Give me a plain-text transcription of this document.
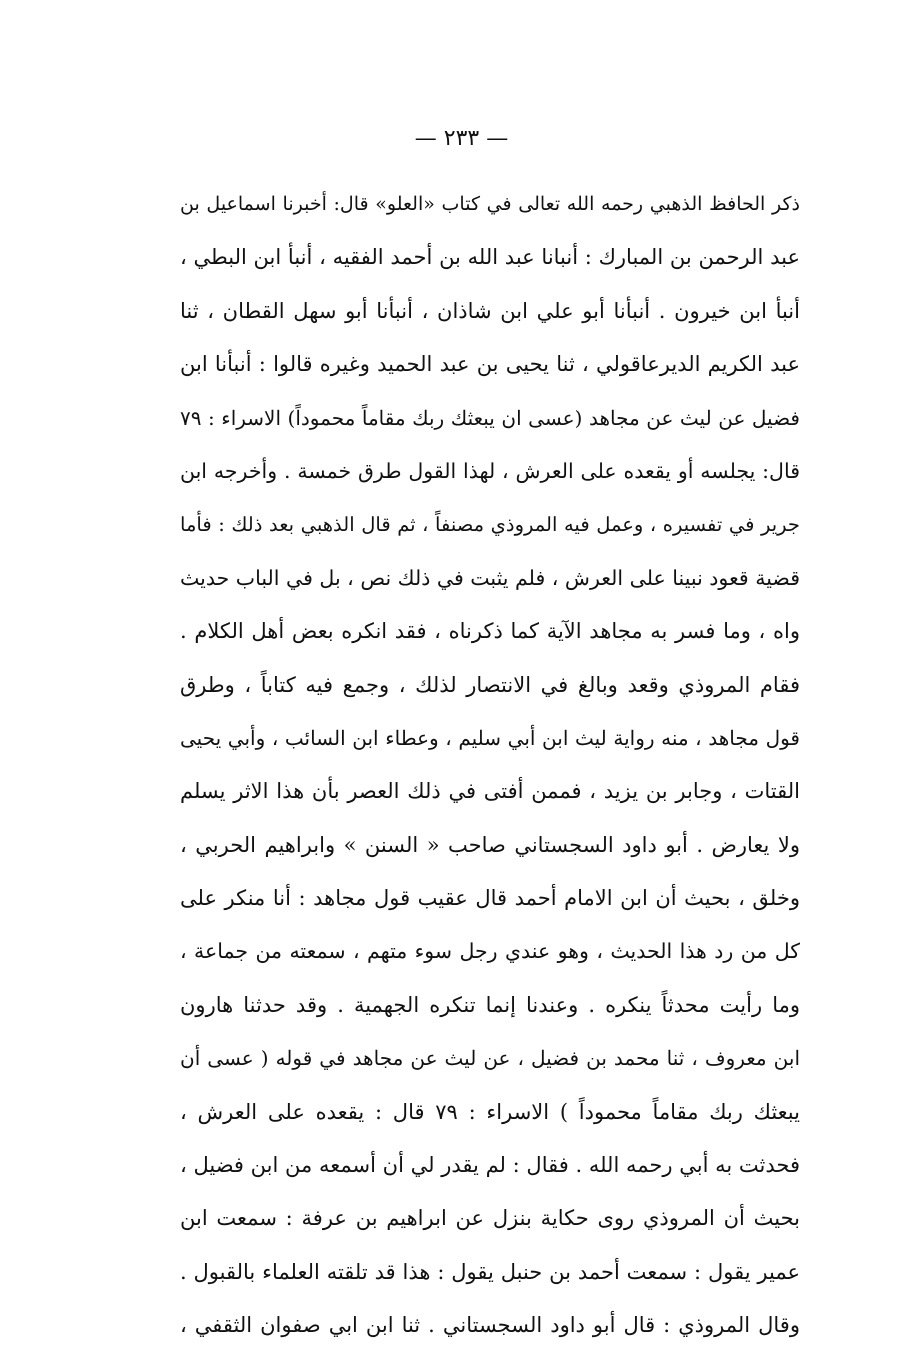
— ٢٣٣ —
ذكر الحافظ الذهبي رحمه الله تعالى في كتاب «العلو» قال: أخبرنا اسماعيل بن
عبد الرحمن بن المبارك : أنبانا عبد الله بن أحمد الفقيه ، أنبأ ابن البطي ،
أنبأ ابن خيرون . أنبأنا أبو علي ابن شاذان ، أنبأنا أبو سهل القطان ، ثنا
عبد الكريم الديرعاقولي ، ثنا يحيى بن عبد الحميد وغيره قالوا : أنبأنا ابن
فضيل عن ليث عن مجاهد (عسى ان يبعثك ربك مقاماً محموداً) الاسراء : ٧٩
قال: يجلسه أو يقعده على العرش ، لهذا القول طرق خمسة . وأخرجه ابن
جرير في تفسيره ، وعمل فيه المروذي مصنفاً ، ثم قال الذهبي بعد ذلك : فأما
قضية قعود نبينا على العرش ، فلم يثبت في ذلك نص ، بل في الباب حديث
واه ، وما فسر به مجاهد الآية كما ذكرناه ، فقد انكره بعض أهل الكلام .
فقام المروذي وقعد وبالغ في الانتصار لذلك ، وجمع فيه كتاباً ، وطرق
قول مجاهد ، منه رواية ليث ابن أبي سليم ، وعطاء ابن السائب ، وأبي يحيى
القتات ، وجابر بن يزيد ، فممن أفتى في ذلك العصر بأن هذا الاثر يسلم
ولا يعارض . أبو داود السجستاني صاحب « السنن » وابراهيم الحربي ،
وخلق ، بحيث أن ابن الامام أحمد قال عقيب قول مجاهد : أنا منكر على
كل من رد هذا الحديث ، وهو عندي رجل سوء متهم ، سمعته من جماعة ،
وما رأيت محدثاً ينكره . وعندنا إنما تنكره الجهمية . وقد حدثنا هارون
ابن معروف ، ثنا محمد بن فضيل ، عن ليث عن مجاهد في قوله ( عسى أن
يبعثك ربك مقاماً محموداً ) الاسراء : ٧٩ قال : يقعده على العرش ،
فحدثت به أبي رحمه الله . فقال : لم يقدر لي أن أسمعه من ابن فضيل ،
بحيث أن المروذي روى حكاية بنزل عن ابراهيم بن عرفة : سمعت ابن
عمير يقول : سمعت أحمد بن حنبل يقول : هذا قد تلقته العلماء بالقبول .
وقال المروذي : قال أبو داود السجستاني . ثنا ابن ابي صفوان الثقفي ،
